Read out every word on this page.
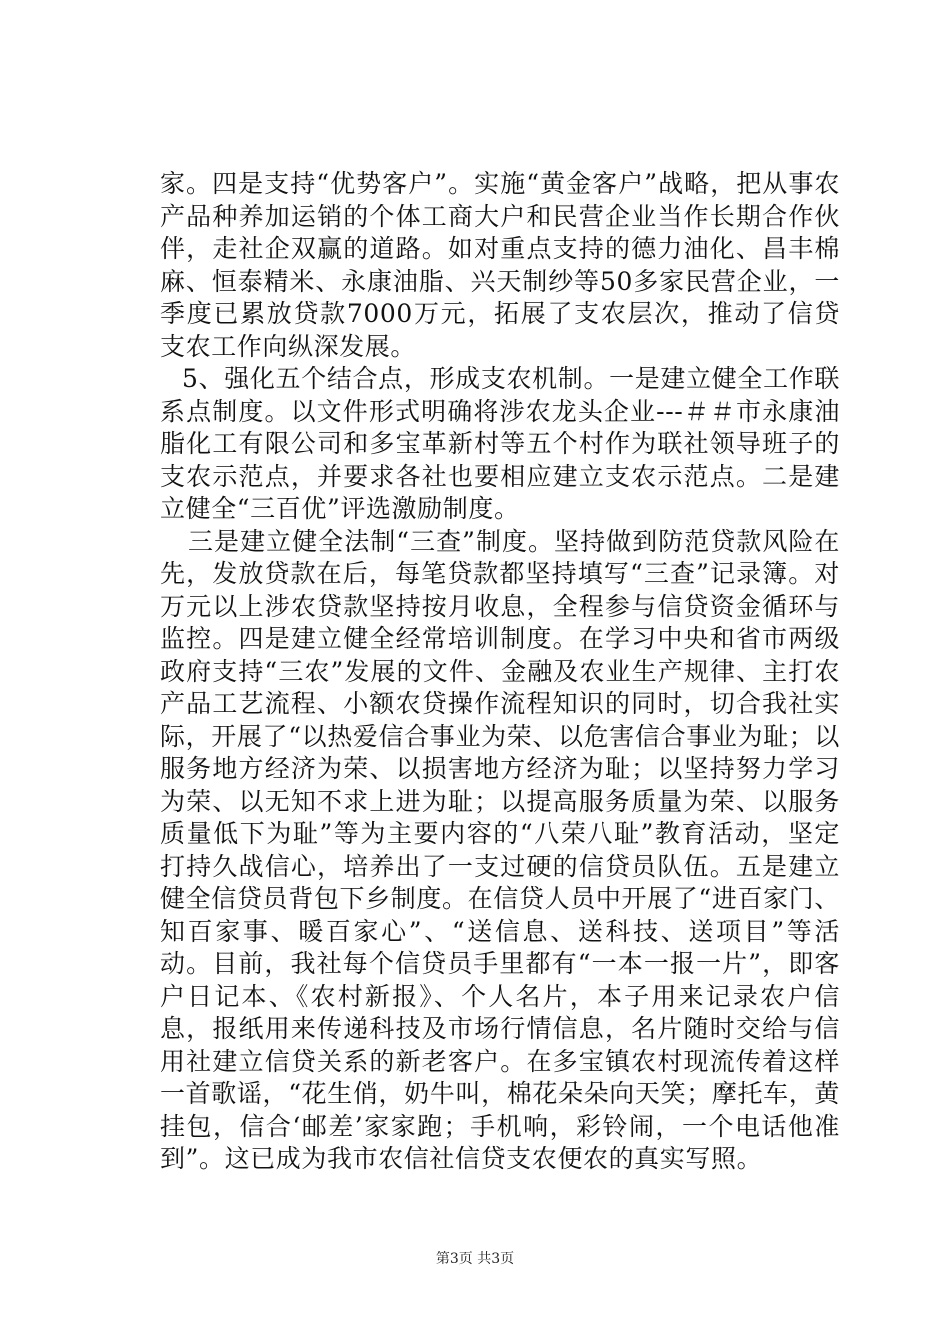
家。四是支持“优势客户”。实施“黄金客户”战略，把从事农产品种养加运销的个体工商大户和民营企业当作长期合作伙伴，走社企双赢的道路。如对重点支持的德力油化、昌丰棉麻、恒泰精米、永康油脂、兴天制纱等50多家民营企业，一季度已累放贷款7000万元，拓展了支农层次，推动了信贷支农工作向纵深发展。

5、强化五个结合点，形成支农机制。一是建立健全工作联系点制度。以文件形式明确将涉农龙头企业---＃＃市永康油脂化工有限公司和多宝革新村等五个村作为联社领导班子的支农示范点，并要求各社也要相应建立支农示范点。二是建立健全“三百优”评选激励制度。

三是建立健全法制“三查”制度。坚持做到防范贷款风险在先，发放贷款在后，每笔贷款都坚持填写“三查”记录簿。对万元以上涉农贷款坚持按月收息，全程参与信贷资金循环与监控。四是建立健全经常培训制度。在学习中央和省市两级政府支持“三农”发展的文件、金融及农业生产规律、主打农产品工艺流程、小额农贷操作流程知识的同时，切合我社实际，开展了“以热爱信合事业为荣、以危害信合事业为耻；以服务地方经济为荣、以损害地方经济为耻；以坚持努力学习为荣、以无知不求上进为耻；以提高服务质量为荣、以服务质量低下为耻”等为主要内容的“八荣八耻”教育活动，坚定打持久战信心，培养出了一支过硬的信贷员队伍。五是建立健全信贷员背包下乡制度。在信贷人员中开展了“进百家门、知百家事、暖百家心”、“送信息、送科技、送项目”等活动。目前，我社每个信贷员手里都有“一本一报一片”，即客户日记本、《农村新报》、个人名片，本子用来记录农户信息，报纸用来传递科技及市场行情信息，名片随时交给与信用社建立信贷关系的新老客户。在多宝镇农村现流传着这样一首歌谣，“花生俏，奶牛叫，棉花朵朵向天笑；摩托车，黄挂包，信合‘邮差’家家跑；手机响，彩铃闹，一个电话他准到”。这已成为我市农信社信贷支农便农的真实写照。

第3页 共3页
